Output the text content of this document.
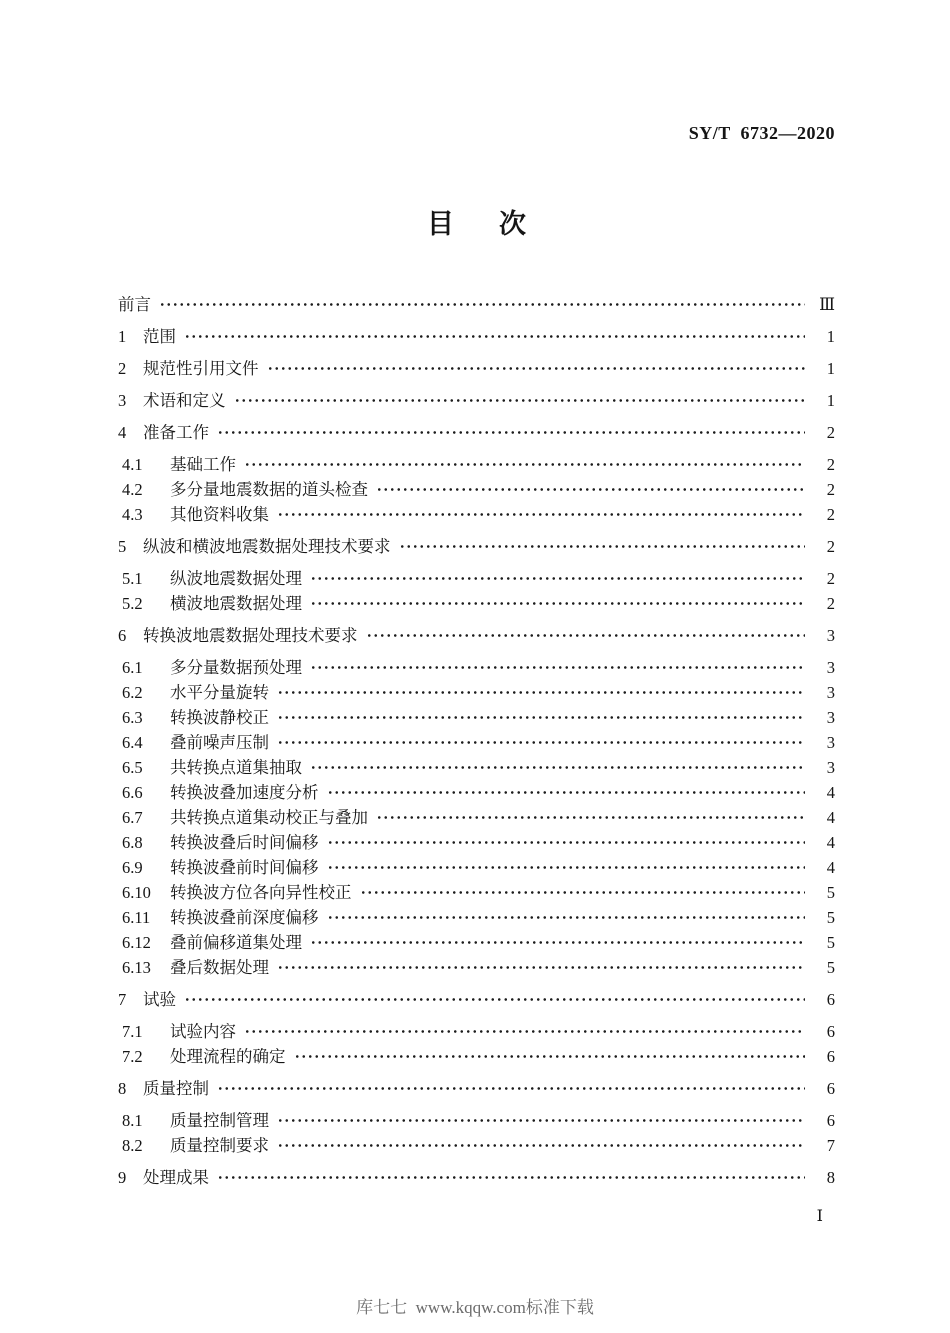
SY/T  6732—2020
目　次
前言	Ⅲ
1	范围	1
2	规范性引用文件	1
3	术语和定义	1
4	准备工作	2
4.1	基础工作	2
4.2	多分量地震数据的道头检查	2
4.3	其他资料收集	2
5	纵波和横波地震数据处理技术要求	2
5.1	纵波地震数据处理	2
5.2	横波地震数据处理	2
6	转换波地震数据处理技术要求	3
6.1	多分量数据预处理	3
6.2	水平分量旋转	3
6.3	转换波静校正	3
6.4	叠前噪声压制	3
6.5	共转换点道集抽取	3
6.6	转换波叠加速度分析	4
6.7	共转换点道集动校正与叠加	4
6.8	转换波叠后时间偏移	4
6.9	转换波叠前时间偏移	4
6.10	转换波方位各向异性校正	5
6.11	转换波叠前深度偏移	5
6.12	叠前偏移道集处理	5
6.13	叠后数据处理	5
7	试验	6
7.1	试验内容	6
7.2	处理流程的确定	6
8	质量控制	6
8.1	质量控制管理	6
8.2	质量控制要求	7
9	处理成果	8
Ⅰ
库七七  www.kqqw.com标准下载
